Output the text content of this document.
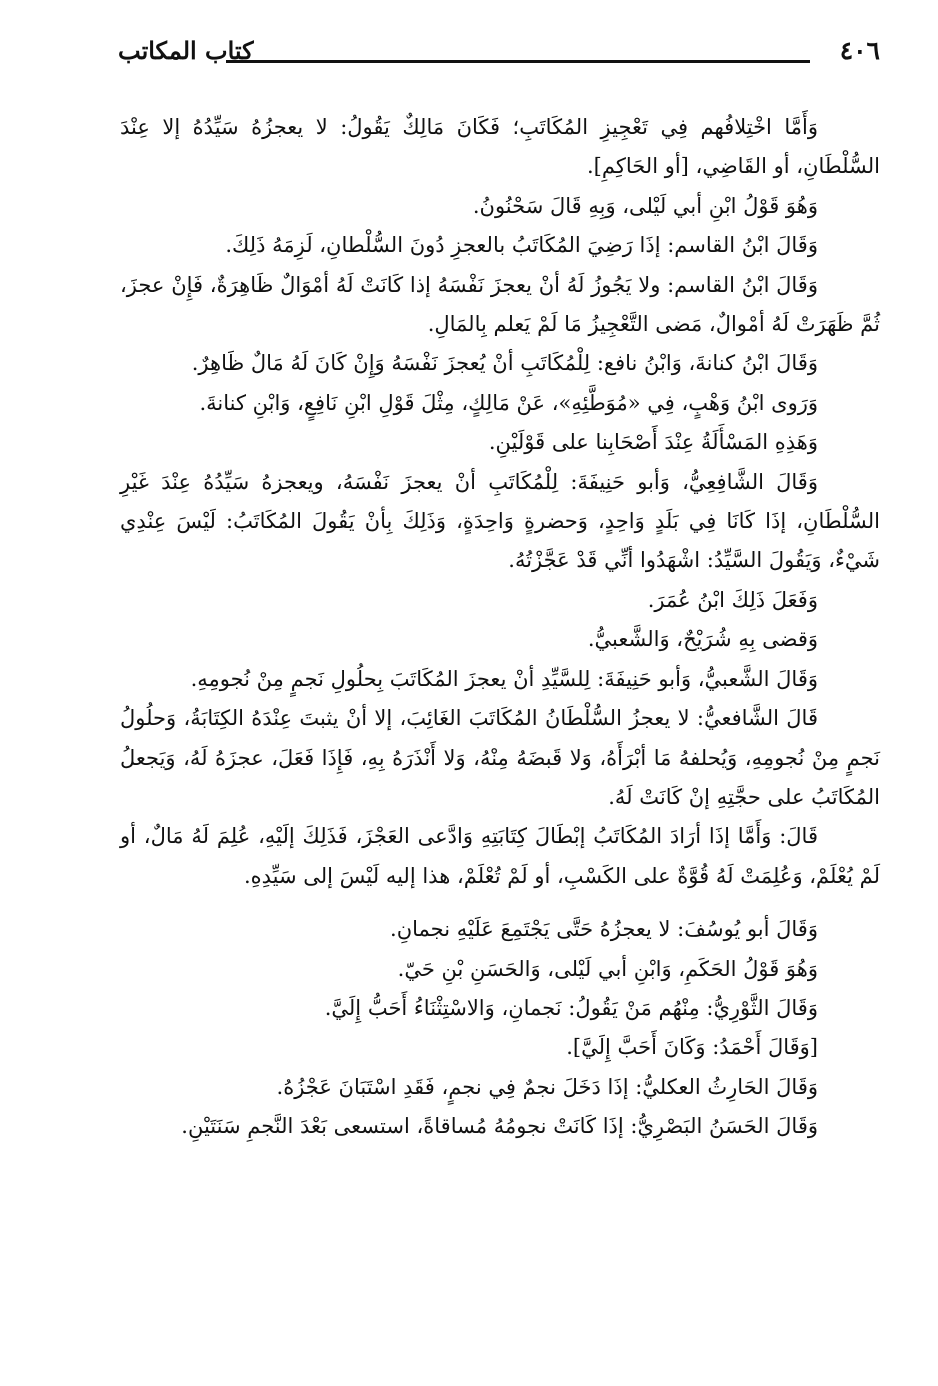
٤٠٦
كتاب المكاتب

وَأَمَّا اخْتِلافُهم فِي تَعْجِيزِ المُكَاتَبِ؛ فَكَانَ مَالِكٌ يَقُولُ: لا يعجزُهُ سَيِّدُهُ إلا عِنْدَ السُّلْطَانِ، أو القَاضِي، [أو الحَاكِمِ].

وَهُوَ قَوْلُ ابْنِ أبي لَيْلى، وَبِهِ قَالَ سَحْنُونُ.

وَقَالَ ابْنُ القاسم: إذَا رَضِيَ المُكَاتَبُ بالعجزِ دُونَ السُّلْطانِ، لَزِمَهُ ذَلِكَ.

وَقَالَ ابْنُ القاسم: ولا يَجُوزُ لَهُ أنْ يعجزَ نَفْسَهُ إذا كَانَتْ لَهُ أمْوَالٌ ظَاهِرَةٌ، فَإِنْ عجزَ، ثُمَّ ظَهَرَتْ لَهُ أمْوالٌ، مَضى التَّعْجِيزُ مَا لَمْ يَعلم بِالمَالِ.

وَقَالَ ابْنُ كنانةَ، وَابْنُ نافع: لِلْمُكَاتَبِ أنْ يُعجزَ نَفْسَهُ وَإِنْ كَانَ لَهُ مَالٌ ظَاهِرٌ.

وَرَوى ابْنُ وَهْبٍ، فِي «مُوَطَّئِهِ»، عَنْ مَالِكٍ، مِثْلَ قَوْلِ ابْنِ نَافِعٍ، وَابْنِ كنانةَ.

وَهَذِهِ المَسْأَلَةُ عِنْدَ أَصْحَابِنا على قَوْلَيْنِ.

وَقَالَ الشَّافِعِيُّ، وَأبو حَنِيفَةَ: لِلْمُكَاتَبِ أنْ يعجزَ نَفْسَهُ، ويعجزهُ سَيِّدُهُ عِنْدَ غَيْرِ السُّلْطَانِ، إذَا كَانَا فِي بَلَدٍ وَاحِدٍ، وَحضرةٍ وَاحِدَةٍ، وَذَلِكَ بِأنْ يَقُولَ المُكَاتَبُ: لَيْسَ عِنْدِي شَيْءٌ، وَيَقُولَ السَّيِّدُ: اشْهَدُوا أنِّي قَدْ عَجَّزْتُهُ.

وَفَعَلَ ذَلِكَ ابْنُ عُمَرَ.

وَقضى بِهِ شُرَيْحٌ، وَالشَّعبيُّ.

وَقَالَ الشَّعبيُّ، وَأبو حَنِيفَةَ: لِلسَّيِّدِ أنْ يعجزَ المُكَاتَبَ بِحلُولِ نَجمٍ مِنْ نُجومِهِ.

قَالَ الشَّافعيُّ: لا يعجزُ السُّلْطَانُ المُكَاتَبَ الغَائِبَ، إلا أنْ يثبتَ عِنْدَهُ الكِتَابَةُ، وَحلُولُ نَجمٍ مِنْ نُجومِهِ، وَيُحلفهُ مَا أبْرَأَهُ، وَلا قَبضَهُ مِنْهُ، وَلا أَنْذَرَهُ بِهِ، فَإِذَا فَعَلَ، عجزَهُ لَهُ، وَيَجعلُ المُكَاتَبُ على حجَّتِهِ إنْ كَانَتْ لَهُ.

قَالَ: وَأَمَّا إذَا أرَادَ المُكَاتَبُ إبْطَالَ كِتَابَتِهِ وَادَّعى العَجْزَ، فَذَلِكَ إلَيْهِ، عُلِمَ لَهُ مَالٌ، أو لَمْ يُعْلَمْ، وَعُلِمَتْ لَهُ قُوَّةٌ على الكَسْبِ، أو لَمْ تُعْلَمْ، هذا إليه لَيْسَ إلى سَيِّدِهِ.

وَقَالَ أبو يُوسُفَ: لا يعجزُهُ حَتَّى يَجْتَمِعَ عَلَيْهِ نجمانِ.

وَهُوَ قَوْلُ الحَكَمِ، وَابْنِ أبي لَيْلى، وَالحَسَنِ بْنِ حَيّ.

وَقَالَ الثَّوْرِيُّ: مِنْهُم مَنْ يَقُولُ: نَجمانِ، وَالاسْتِثْنَاءُ أَحَبُّ إِلَيَّ.

[وَقَالَ أَحْمَدُ: وَكَانَ أَحَبَّ إِلَيَّ].

وَقَالَ الحَارِثُ العكليُّ: إذَا دَخَلَ نجمٌ فِي نجمٍ، فَقَدِ اسْتَبَانَ عَجْزُهُ.

وَقَالَ الحَسَنُ البَصْرِيُّ: إذَا كَانَتْ نجومُهُ مُساقاةً، استسعى بَعْدَ النَّجمِ سَنَتَيْنِ.
